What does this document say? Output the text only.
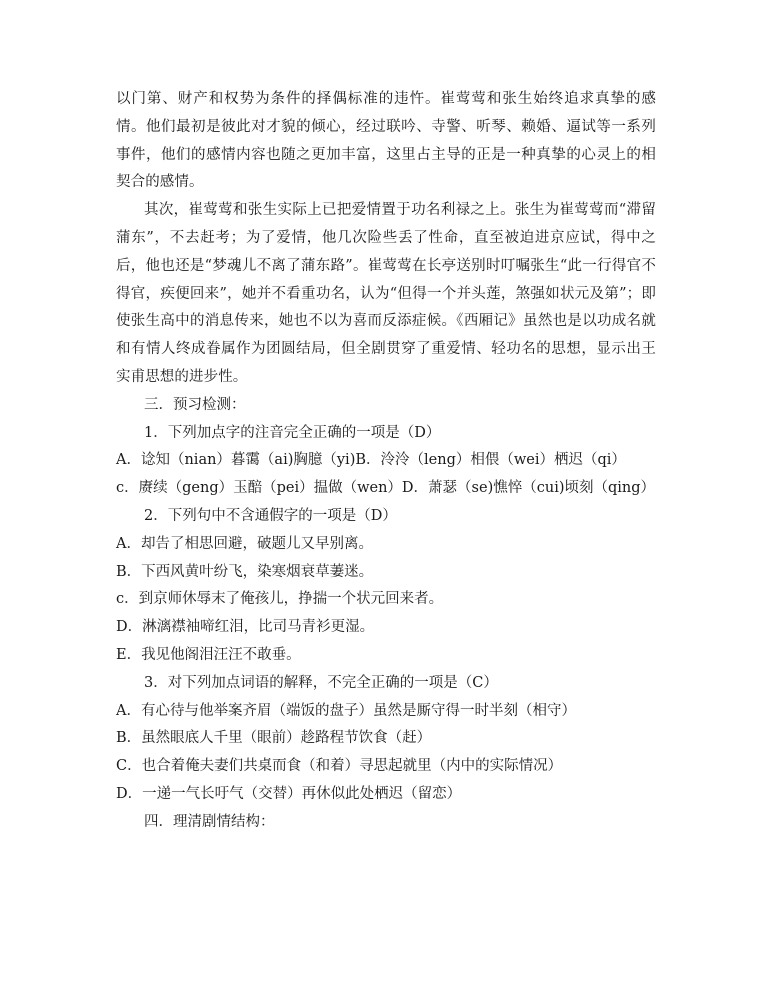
以门第、财产和权势为条件的择偶标准的违忤。崔莺莺和张生始终追求真挚的感情。他们最初是彼此对才貌的倾心，经过联吟、寺警、听琴、赖婚、逼试等一系列事件，他们的感情内容也随之更加丰富，这里占主导的正是一种真挚的心灵上的相契合的感情。

其次，崔莺莺和张生实际上已把爱情置于功名利禄之上。张生为崔莺莺而“滞留蒲东”，不去赶考；为了爱情，他几次险些丢了性命，直至被迫进京应试，得中之后，他也还是“梦魂儿不离了蒲东路”。崔莺莺在长亭送别时叮嘱张生“此一行得官不得官，疾便回来”，她并不看重功名，认为“但得一个并头莲，煞强如状元及第”；即使张生高中的消息传来，她也不以为喜而反添症候。《西厢记》虽然也是以功成名就和有情人终成眷属作为团圆结局，但全剧贯穿了重爱情、轻功名的思想，显示出王实甫思想的进步性。

三．预习检测：

1．下列加点字的注音完全正确的一项是（D）

A．谂知（nian）暮霭（ai)胸臆（yi)B．泠泠（leng）相偎（wei）栖迟（qi）

c．赓续（geng）玉醅（pei）揾做（wen）D．萧瑟（se)憔悴（cui)顷刻（qing）

2．下列句中不含通假字的一项是（D）

A．却告了相思回避，破题儿又早别离。

B．下西风黄叶纷飞，染寒烟衰草萋迷。

c．到京师休辱末了俺孩儿，挣揣一个状元回来者。

D．淋漓襟袖啼红泪，比司马青衫更湿。

E．我见他阁泪汪汪不敢垂。

3．对下列加点词语的解释，不完全正确的一项是（C）

A．有心待与他举案齐眉（端饭的盘子）虽然是厮守得一时半刻（相守）

B．虽然眼底人千里（眼前）趁路程节饮食（赶）

C．也合着俺夫妻们共桌而食（和着）寻思起就里（内中的实际情况）

D．一递一气长吁气（交替）再休似此处栖迟（留恋）

四．理清剧情结构：
